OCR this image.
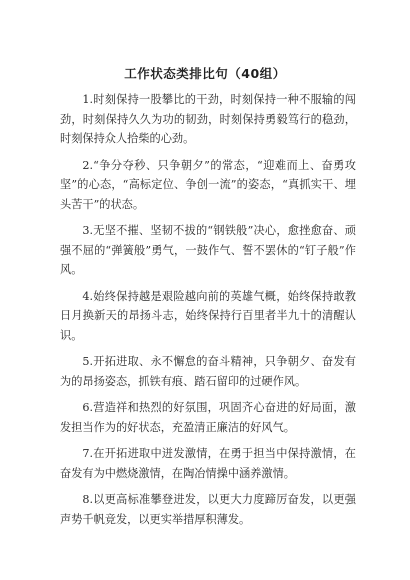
工作状态类排比句（40组）

1.时刻保持一股攀比的干劲，时刻保持一种不服输的闯劲，时刻保持久久为功的韧劲，时刻保持勇毅笃行的稳劲，时刻保持众人拾柴的心劲。

2.“争分夺秒、只争朝夕”的常态，“迎难而上、奋勇攻坚”的心态，“高标定位、争创一流”的姿态，“真抓实干、埋头苦干”的状态。

3.无坚不摧、坚韧不拔的“钢铁般”决心，愈挫愈奋、顽强不屈的“弹簧般”勇气，一鼓作气、誓不罢休的“钉子般”作风。

4.始终保持越是艰险越向前的英雄气概，始终保持敢教日月换新天的昂扬斗志，始终保持行百里者半九十的清醒认识。

5.开拓进取、永不懈怠的奋斗精神，只争朝夕、奋发有为的昂扬姿态，抓铁有痕、踏石留印的过硬作风。

6.营造祥和热烈的好氛围，巩固齐心奋进的好局面，激发担当作为的好状态，充盈清正廉洁的好风气。

7.在开拓进取中迸发激情，在勇于担当中保持激情，在奋发有为中燃烧激情，在陶冶情操中涵养激情。

8.以更高标准攀登进发，以更大力度蹄厉奋发，以更强声势千帆竞发，以更实举措厚积薄发。
